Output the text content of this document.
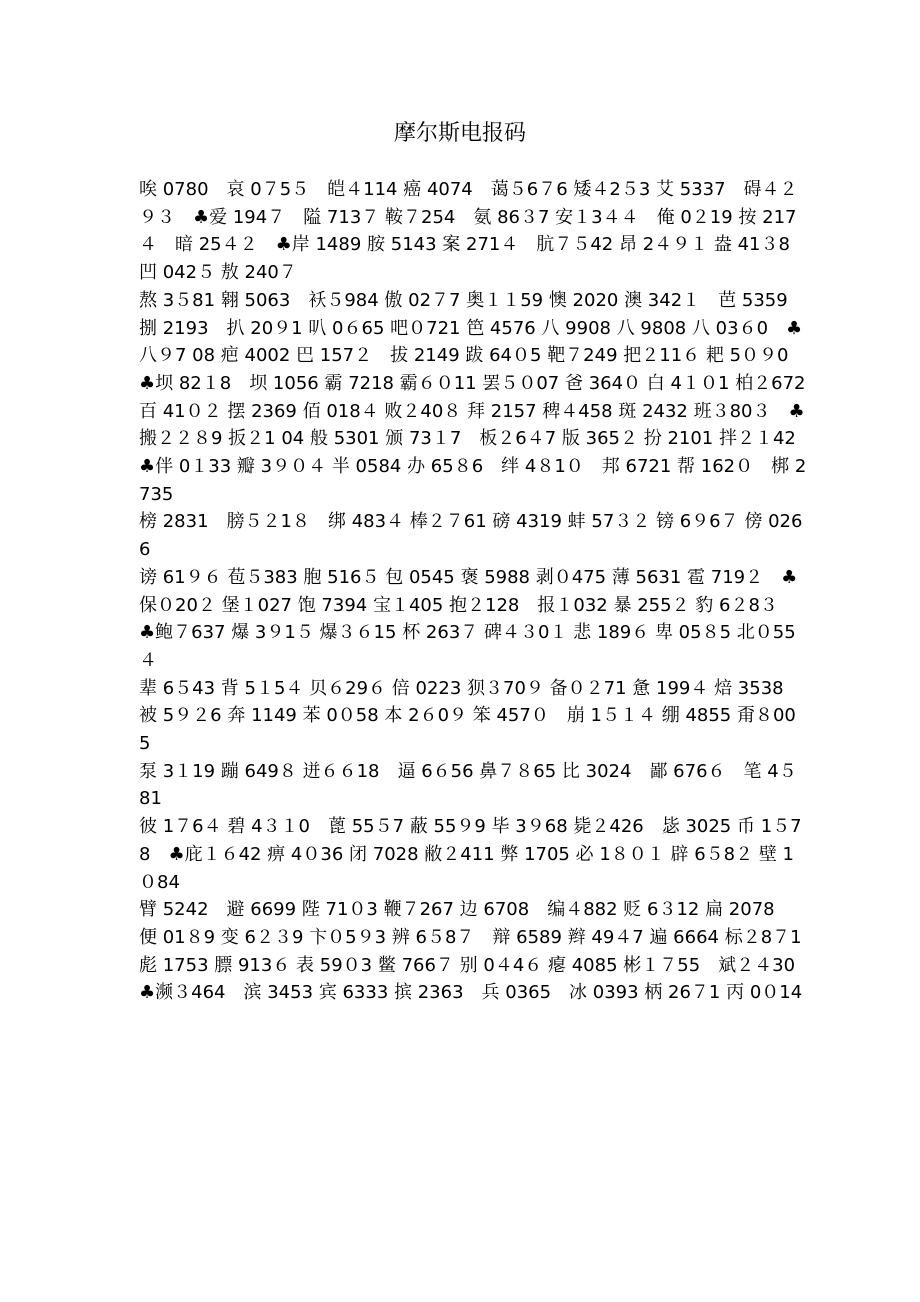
摩尔斯电报码

唉 0780　哀 0７5５　皑４114 癌 4074　蔼５6７6 矮４2５3 艾 5337　碍４２９３　♣爱 194７　隘 713７ 鞍７254　氨 86３7 安１3４４　俺 0２19 按 217４　暗 25４２　♣岸 1489 胺 5143 案 271４　肮７５42 昂 2４９１ 盎 41３8 凹 042５ 敖 240７

熬 3５81 翱 5063　袄５984 傲 02７7 奥１１59 懊 2020 澳 342１　芭 5359

捌 2193　扒 20９1 叭 0６65 吧０721 笆 4576 八 9908 八 9808 八 03６0　♣八９7 08 疤 4002 巴 157２　拔 2149 跋 64０5 靶７249 把２11６ 耙 5０９0　♣坝 82１8　坝 1056 霸 7218 霸６０11 罢５０07 爸 364０ 白 4１０1 柏２672

百 41０２ 摆 2369 佰 018４ 败２40８ 拜 2157 稗４458 斑 2432 班３80３　♣搬２２８9 扳２1 04 般 5301 颁 73１7　板２6４7 版 365２ 扮 2101 拌２１42　♣伴 0１33 瓣 3９０４ 半 0584 办 65８6　绊 4８1０　邦 6721 帮 162０　梆 2735

榜 2831　膀５２1８　绑 483４ 棒２７61 磅 4319 蚌 57３２ 镑 6９6７ 傍 0266

谤 61９６ 苞５383 胞 516５ 包 0545 褒 5988 剥０475 薄 5631 雹 719２　♣保０20２ 堡１027 饱 7394 宝１405 抱２128　报１032 暴 255２ 豹 6２8３　♣鲍７637 爆 3９1５ 爆３６15 杯 263７ 碑４３0１ 悲 189６ 卑 05８5 北０55４

辈 6５43 背 5１5４ 贝６29６ 倍 0223 狈３70９ 备０２71 惫 199４ 焙 3538

被 5９２6 奔 1149 苯 0０58 本 2６0９ 笨 457０　崩 1５１４ 绷 4855 甭８005

泵 3１19 蹦 649８ 迸６６18　逼 6６56 鼻７８65 比 3024　鄙 676６　笔 4５81

彼 1７6４ 碧 4３１0　蓖 55５7 蔽 55９9 毕 3９68 毙２426　毖 3025 币 1５78　♣庇１６42 痹 4０36 闭 7028 敝２411 弊 1705 必 1８０１ 辟 6５8２ 壁 1０84

臂 5242　避 6699 陛 71０3 鞭７267 边 6708　编４882 贬 6３12 扁 2078

便 01８9 变 6２３9 卞０5９3 辨 6５8７　辩 6589 辫 49４7 遍 6664 标２8７1

彪 1753 膘 913６ 表 59０3 鳖 766７ 别 0４4６ 瘪 4085 彬１７55　斌２４30　♣濒３464　滨 3453 宾 6333 摈 2363　兵 0365　冰 0393 柄 26７1 丙 0０14
